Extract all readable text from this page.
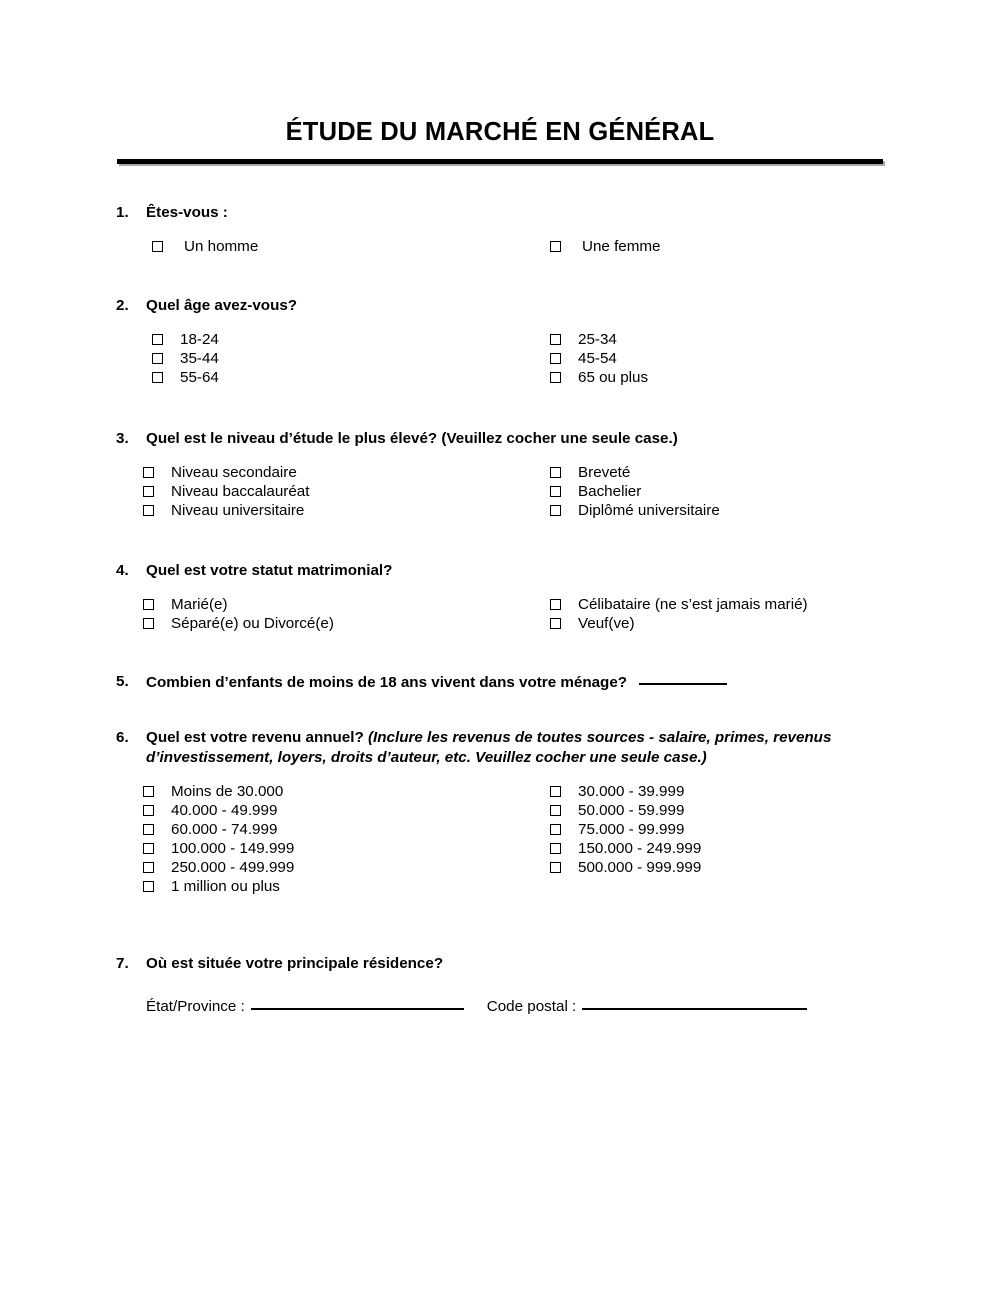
ÉTUDE DU MARCHÉ EN GÉNÉRAL
1. Êtes-vous :
Un homme	Une femme
2. Quel âge avez-vous?
18-24
35-44
55-64
25-34
45-54
65 ou plus
3. Quel est le niveau d’étude le plus élevé? (Veuillez cocher une seule case.)
Niveau secondaire
Niveau baccalauréat
Niveau universitaire
Breveté
Bachelier
Diplômé universitaire
4. Quel est votre statut matrimonial?
Marié(e)
Séparé(e) ou Divorcé(e)
Célibataire (ne s’est jamais marié)
Veuf(ve)
5. Combien d’enfants de moins de 18 ans vivent dans votre ménage?
6. Quel est votre revenu annuel? (Inclure les revenus de toutes sources - salaire, primes, revenus d’investissement, loyers, droits d’auteur, etc. Veuillez cocher une seule case.)
Moins de 30.000
40.000 - 49.999
60.000 - 74.999
100.000 - 149.999
250.000 - 499.999
1 million ou plus
30.000 - 39.999
50.000 - 59.999
75.000 - 99.999
150.000 - 249.999
500.000 - 999.999
7. Où est située votre principale résidence?
État/Province :	Code postal :
